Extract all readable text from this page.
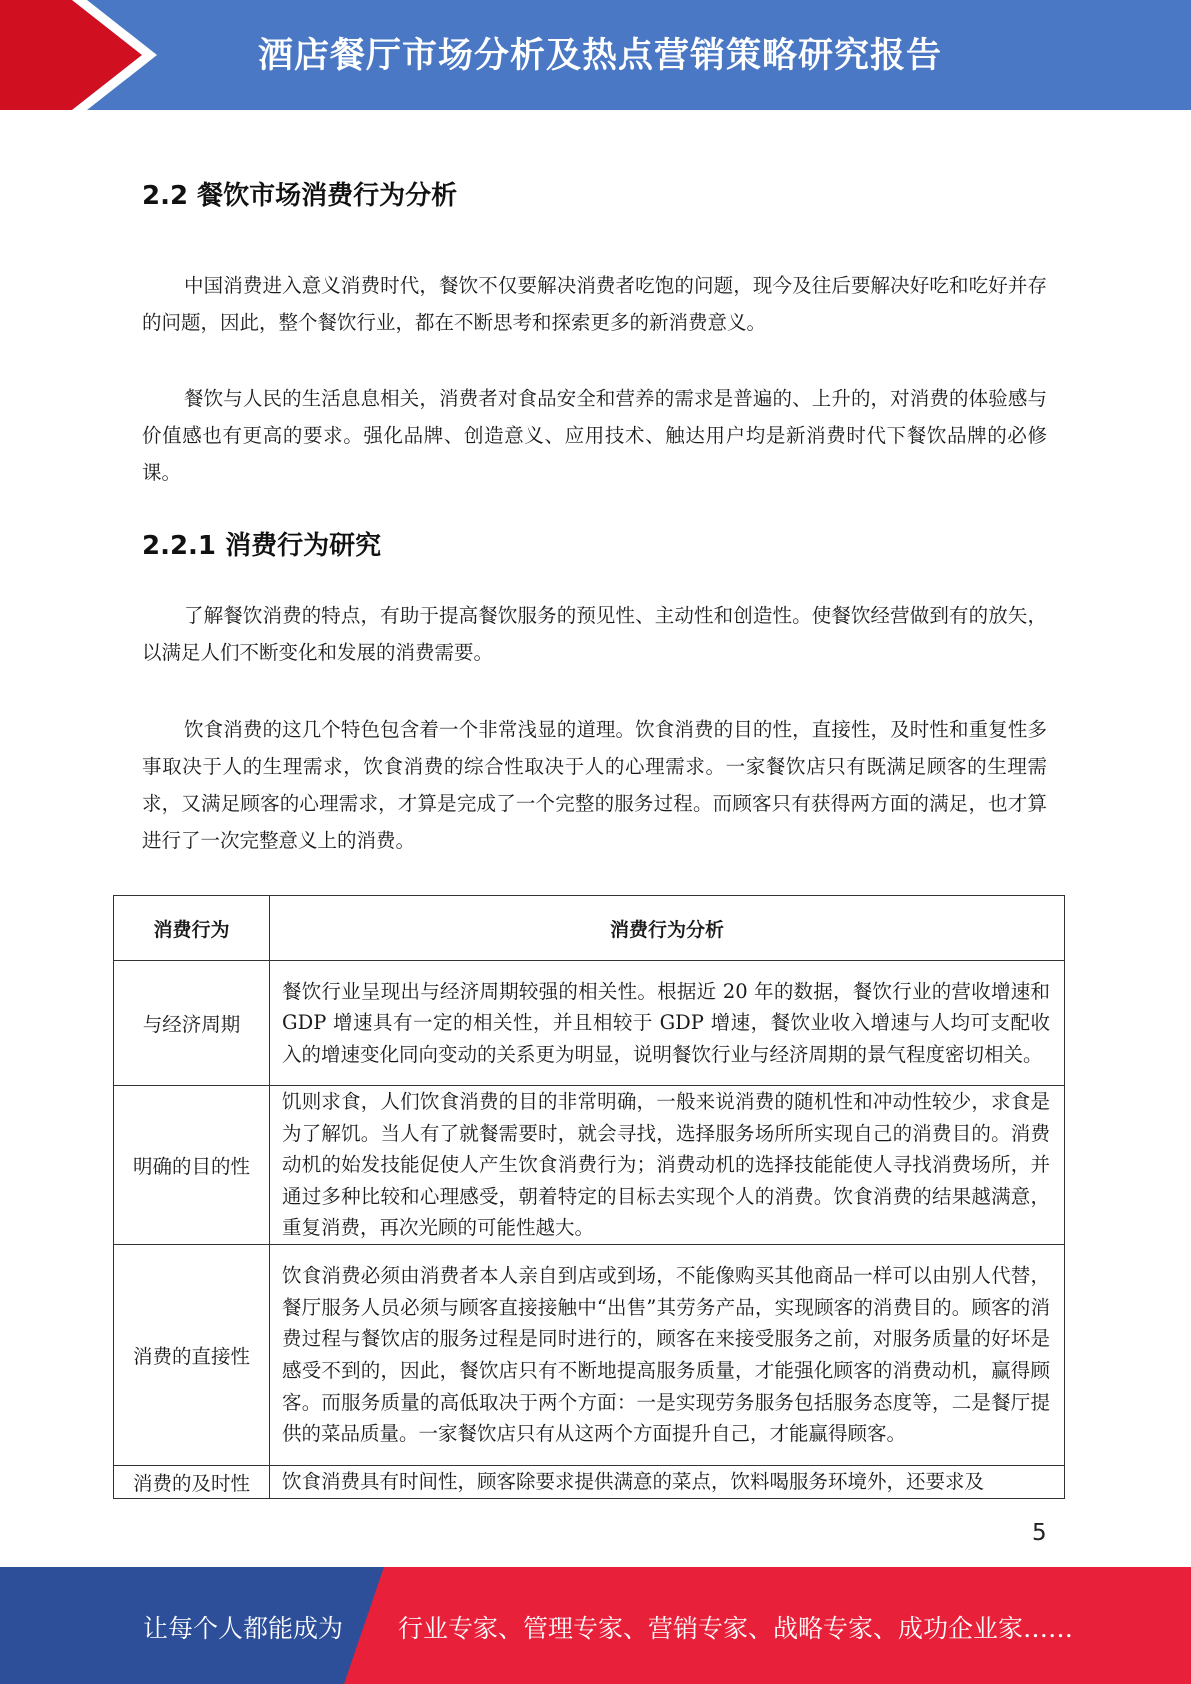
酒店餐厅市场分析及热点营销策略研究报告
2.2 餐饮市场消费行为分析
中国消费进入意义消费时代，餐饮不仅要解决消费者吃饱的问题，现今及往后要解决好吃和吃好并存的问题，因此，整个餐饮行业，都在不断思考和探索更多的新消费意义。
餐饮与人民的生活息息相关，消费者对食品安全和营养的需求是普遍的、上升的，对消费的体验感与价值感也有更高的要求。强化品牌、创造意义、应用技术、触达用户均是新消费时代下餐饮品牌的必修课。
2.2.1 消费行为研究
了解餐饮消费的特点，有助于提高餐饮服务的预见性、主动性和创造性。使餐饮经营做到有的放矢，以满足人们不断变化和发展的消费需要。
饮食消费的这几个特色包含着一个非常浅显的道理。饮食消费的目的性，直接性，及时性和重复性多事取决于人的生理需求，饮食消费的综合性取决于人的心理需求。一家餐饮店只有既满足顾客的生理需求，又满足顾客的心理需求，才算是完成了一个完整的服务过程。而顾客只有获得两方面的满足，也才算进行了一次完整意义上的消费。
消费行为	消费行为分析
与经济周期	餐饮行业呈现出与经济周期较强的相关性。根据近 20 年的数据，餐饮行业的营收增速和 GDP 增速具有一定的相关性，并且相较于 GDP 增速，餐饮业收入增速与人均可支配收入的增速变化同向变动的关系更为明显，说明餐饮行业与经济周期的景气程度密切相关。
明确的目的性	饥则求食，人们饮食消费的目的非常明确，一般来说消费的随机性和冲动性较少，求食是为了解饥。当人有了就餐需要时，就会寻找，选择服务场所所实现自己的消费目的。消费动机的始发技能促使人产生饮食消费行为；消费动机的选择技能能使人寻找消费场所，并通过多种比较和心理感受，朝着特定的目标去实现个人的消费。饮食消费的结果越满意，重复消费，再次光顾的可能性越大。
消费的直接性	饮食消费必须由消费者本人亲自到店或到场，不能像购买其他商品一样可以由别人代替，餐厅服务人员必须与顾客直接接触中“出售”其劳务产品，实现顾客的消费目的。顾客的消费过程与餐饮店的服务过程是同时进行的，顾客在来接受服务之前，对服务质量的好坏是感受不到的，因此，餐饮店只有不断地提高服务质量，才能强化顾客的消费动机，赢得顾客。而服务质量的高低取决于两个方面：一是实现劳务服务包括服务态度等，二是餐厅提供的菜品质量。一家餐饮店只有从这两个方面提升自己，才能赢得顾客。
消费的及时性	饮食消费具有时间性，顾客除要求提供满意的菜点，饮料喝服务环境外，还要求及
5
让每个人都能成为 行业专家、管理专家、营销专家、战略专家、成功企业家……
